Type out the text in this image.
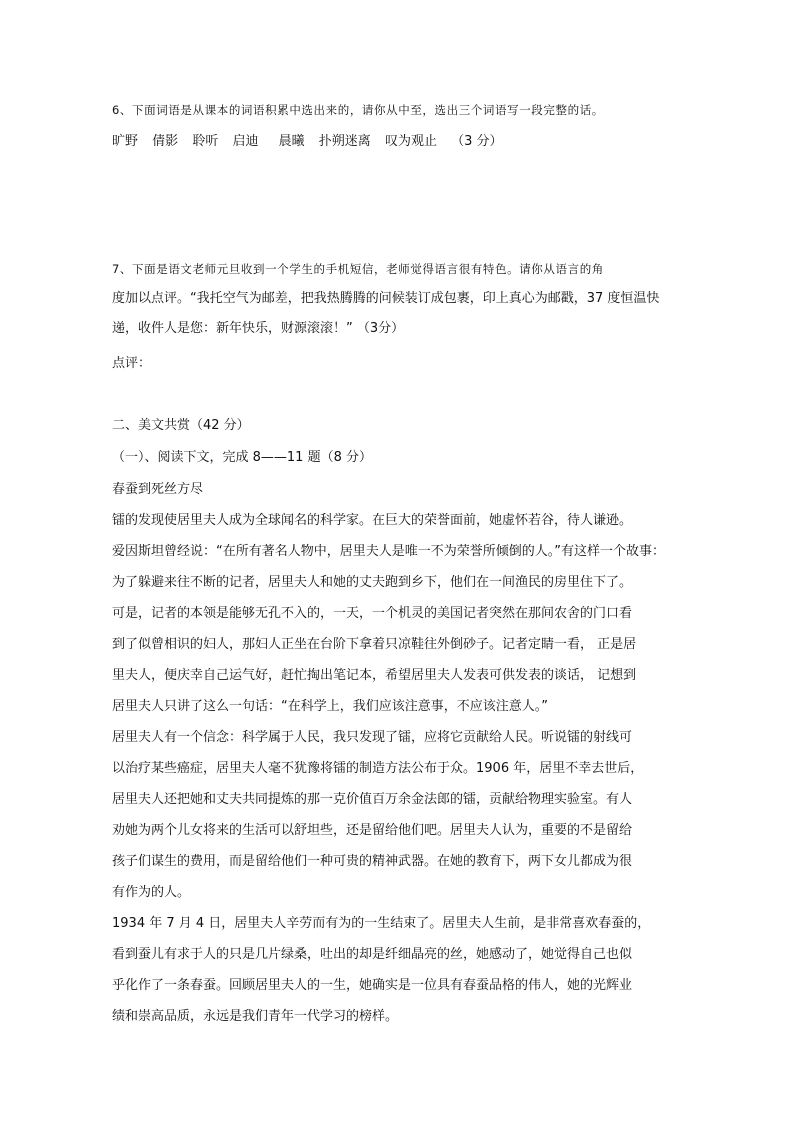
6、下面词语是从课本的词语积累中选出来的，请你从中至，选出三个词语写一段完整的话。
旷野 倩影 聆听 启迪 晨曦 扑朔迷离 叹为观止 （3 分）
7、下面是语文老师元旦收到一个学生的手机短信，老师觉得语言很有特色。请你从语言的角
度加以点评。“我托空气为邮差，把我热腾腾的问候装订成包裹，印上真心为邮戳，37 度恒温快
递，收件人是您：新年快乐，财源滚滚！” （3分）
点评：
二、美文共赏（42 分）
（一）、阅读下文，完成 8——11 题（8 分）
春蚕到死丝方尽
镭的发现使居里夫人成为全球闻名的科学家。在巨大的荣誉面前，她虚怀若谷，待人谦逊。
爱因斯坦曾经说：“在所有著名人物中，居里夫人是唯一不为荣誉所倾倒的人。”有这样一个故事：
为了躲避来往不断的记者，居里夫人和她的丈夫跑到乡下，他们在一间渔民的房里住下了。
可是，记者的本领是能够无孔不入的，一天，一个机灵的美国记者突然在那间农舍的门口看
到了似曾相识的妇人，那妇人正坐在台阶下拿着只凉鞋往外倒砂子。记者定睛一看， 正是居
里夫人，便庆幸自己运气好，赶忙掏出笔记本，希望居里夫人发表可供发表的谈话， 记想到
居里夫人只讲了这么一句话：“在科学上，我们应该注意事，不应该注意人。”
居里夫人有一个信念：科学属于人民，我只发现了镭，应将它贡献给人民。听说镭的射线可
以治疗某些癌症，居里夫人毫不犹豫将镭的制造方法公布于众。1906 年，居里不幸去世后，
居里夫人还把她和丈夫共同提炼的那一克价值百万余金法郎的镭，贡献给物理实验室。有人
劝她为两个儿女将来的生活可以舒坦些，还是留给他们吧。居里夫人认为，重要的不是留给
孩子们谋生的费用，而是留给他们一种可贵的精神武器。在她的教育下，两下女儿都成为很
有作为的人。
1934 年 7 月 4 日，居里夫人辛劳而有为的一生结束了。居里夫人生前，是非常喜欢春蚕的，
看到蚕儿有求于人的只是几片绿桑，吐出的却是纤细晶亮的丝，她感动了，她觉得自己也似
乎化作了一条春蚕。回顾居里夫人的一生，她确实是一位具有春蚕品格的伟人，她的光辉业
绩和崇高品质，永远是我们青年一代学习的榜样。
